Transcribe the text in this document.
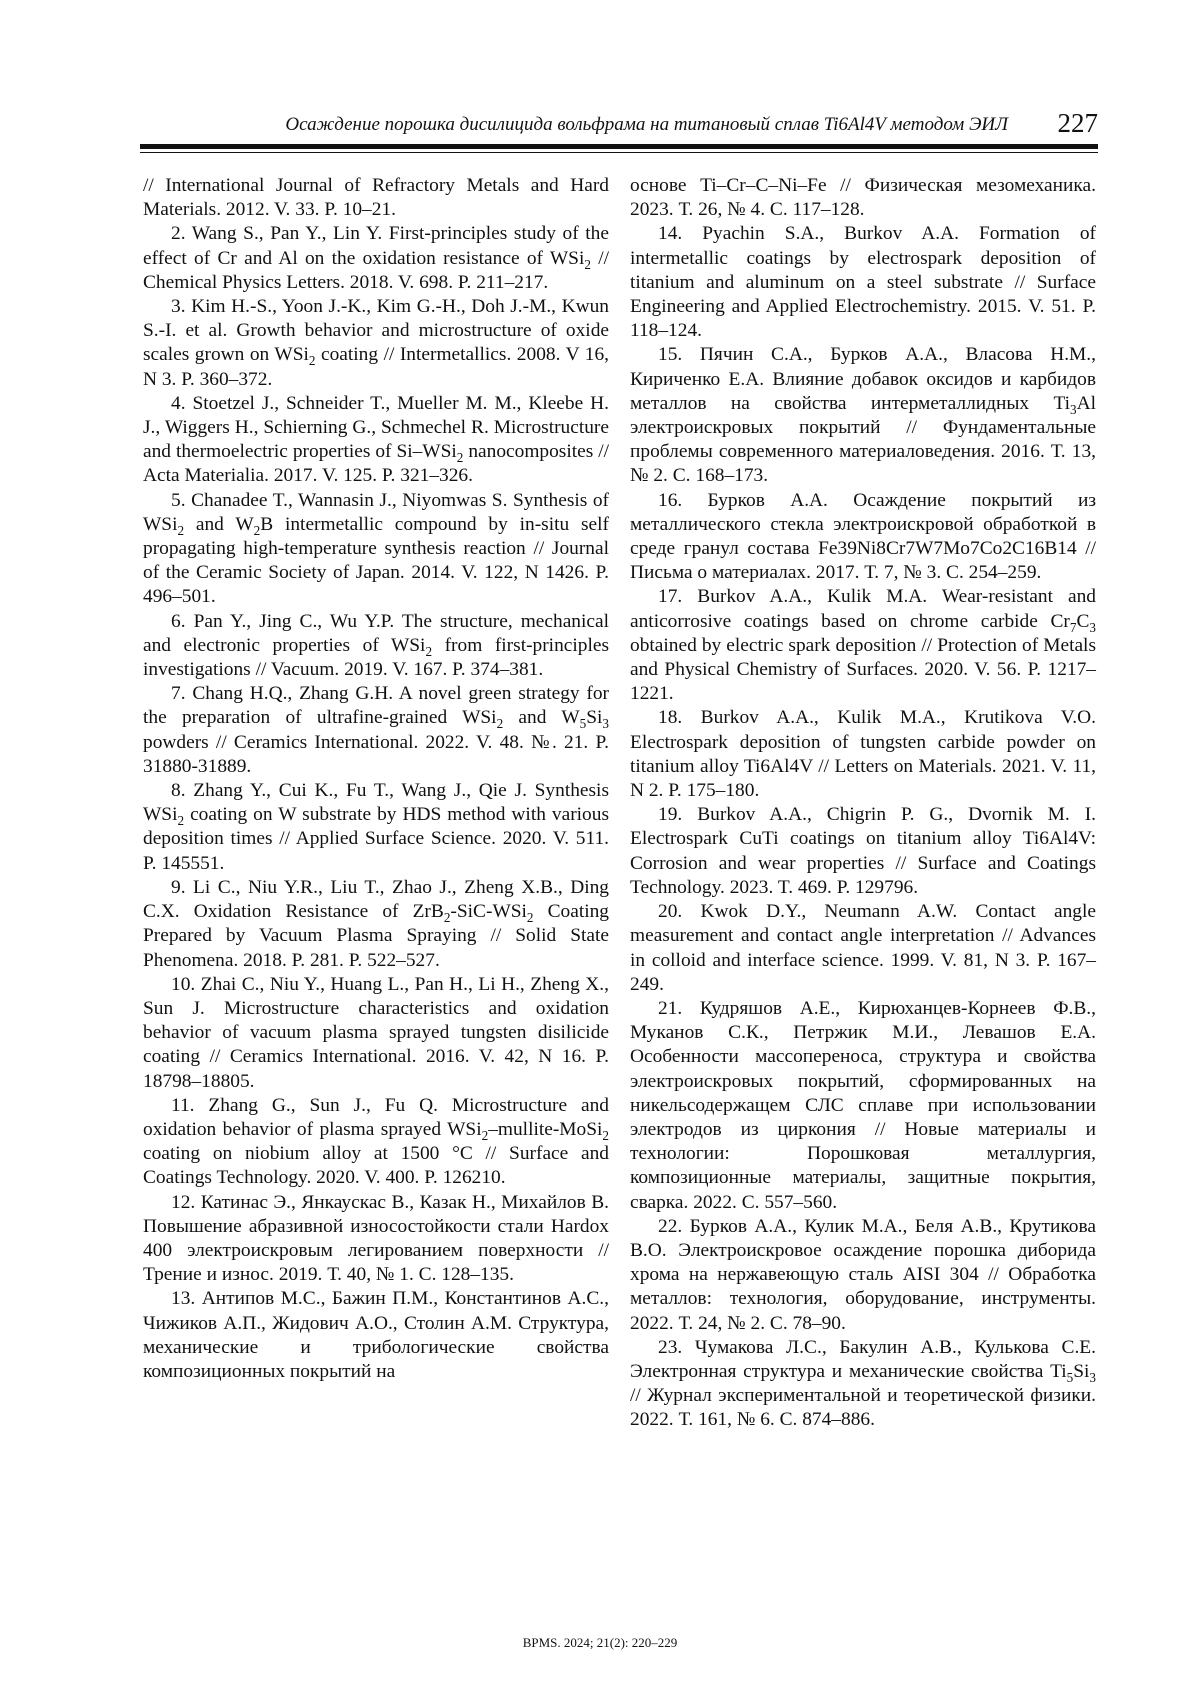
Осаждение порошка дисилицида вольфрама на титановый сплав Ti6Al4V методом ЭИЛ 227

// International Journal of Refractory Metals and Hard Materials. 2012. V. 33. P. 10–21.

2. Wang S., Pan Y., Lin Y. First-principles study of the effect of Cr and Al on the oxidation resistance of WSi$_2$ // Chemical Physics Letters. 2018. V. 698. P. 211–217.

3. Kim H.-S., Yoon J.-K., Kim G.-H., Doh J.-M., Kwun S.-I. et al. Growth behavior and microstructure of oxide scales grown on WSi$_2$ coating // Intermetallics. 2008. V 16, N 3. P. 360–372.

4. Stoetzel J., Schneider T., Mueller M. M., Kleebe H. J., Wiggers H., Schierning G., Schmechel R. Microstructure and thermoelectric properties of Si–WSi$_2$ nanocomposites // Acta Materialia. 2017. V. 125. P. 321–326.

5. Chanadee T., Wannasin J., Niyomwas S. Synthesis of WSi$_2$ and $W_2B$ intermetallic compound by in-situ self propagating high-temperature synthesis reaction // Journal of the Ceramic Society of Japan. 2014. V. 122, N 1426. P. 496–501.

6. Pan Y., Jing C., Wu Y.P. The structure, mechanical and electronic properties of WSi$_2$ from first-principles investigations // Vacuum. 2019. V. 167. P. 374–381.

7. Chang H.Q., Zhang G.H. A novel green strategy for the preparation of ultrafine-grained WSi$_2$ and $W_5Si_3$ powders // Ceramics International. 2022. V. 48. №. 21. P. 31880-31889.

8. Zhang Y., Cui K., Fu T., Wang J., Qie J. Synthesis WSi$_2$ coating on W substrate by HDS method with various deposition times // Applied Surface Science. 2020. V. 511. P. 145551.

9. Li C., Niu Y.R., Liu T., Zhao J., Zheng X.B., Ding C.X. Oxidation Resistance of ZrB$_2$-SiC-WSi$_2$ Coating Prepared by Vacuum Plasma Spraying // Solid State Phenomena. 2018. P. 281. P. 522–527.

10. Zhai C., Niu Y., Huang L., Pan H., Li H., Zheng X., Sun J. Microstructure characteristics and oxidation behavior of vacuum plasma sprayed tungsten disilicide coating // Ceramics International. 2016. V. 42, N 16. P. 18798–18805.

11. Zhang G., Sun J., Fu Q. Microstructure and oxidation behavior of plasma sprayed WSi$_2$–mullite-MoSi$_2$ coating on niobium alloy at 1500 °C // Surface and Coatings Technology. 2020. V. 400. P. 126210.

12. Катинас Э., Янкаускас В., Казак Н., Михайлов В. Повышение абразивной износостойкости стали Hardox 400 электроискровым легированием поверхности // Трение и износ. 2019. Т. 40, № 1. С. 128–135.

13. Антипов М.С., Бажин П.М., Константинов А.С., Чижиков А.П., Жидович А.О., Столин А.М. Структура, механические и трибологические свойства композиционных покрытий на

основе Ti–Cr–C–Ni–Fe // Физическая мезомеханика. 2023. Т. 26, № 4. С. 117–128.

14. Pyachin S.A., Burkov A.A. Formation of intermetallic coatings by electrospark deposition of titanium and aluminum on a steel substrate // Surface Engineering and Applied Electrochemistry. 2015. V. 51. P. 118–124.

15. Пячин С.А., Бурков А.А., Власова Н.М., Кириченко Е.А. Влияние добавок оксидов и карбидов металлов на свойства интерметаллидных $Ti_3Al$ электроискровых покрытий // Фундаментальные проблемы современного материаловедения. 2016. Т. 13, № 2. С. 168–173.

16. Бурков А.А. Осаждение покрытий из металлического стекла электроискровой обработкой в среде гранул состава Fe39Ni8Cr7W7Mo7Co2C16B14 // Письма о материалах. 2017. Т. 7, № 3. С. 254–259.

17. Burkov A.A., Kulik M.A. Wear-resistant and anticorrosive coatings based on chrome carbide $Cr_7C_3$ obtained by electric spark deposition // Protection of Metals and Physical Chemistry of Surfaces. 2020. V. 56. P. 1217–1221.

18. Burkov A.A., Kulik M.A., Krutikova V.O. Electrospark deposition of tungsten carbide powder on titanium alloy Ti6Al4V // Letters on Materials. 2021. V. 11, N 2. P. 175–180.

19. Burkov A.A., Chigrin P. G., Dvornik M. I. Electrospark CuTi coatings on titanium alloy Ti6Al4V: Corrosion and wear properties // Surface and Coatings Technology. 2023. T. 469. P. 129796.

20. Kwok D.Y., Neumann A.W. Contact angle measurement and contact angle interpretation // Advances in colloid and interface science. 1999. V. 81, N 3. P. 167–249.

21. Кудряшов А.Е., Кирюханцев-Корнеев Ф.В., Муканов С.К., Петржик М.И., Левашов Е.А. Особенности массопереноса, структура и свойства электроискровых покрытий, сформированных на никельсодержащем СЛС сплаве при использовании электродов из циркония // Новые материалы и технологии: Порошковая металлургия, композиционные материалы, защитные покрытия, сварка. 2022. С. 557–560.

22. Бурков А.А., Кулик М.А., Беля А.В., Крутикова В.О. Электроискровое осаждение порошка диборида хрома на нержавеющую сталь AISI 304 // Обработка металлов: технология, оборудование, инструменты. 2022. Т. 24, № 2. С. 78–90.

23. Чумакова Л.С., Бакулин А.В., Кулькова С.Е. Электронная структура и механические свойства $Ti_5Si_3$ // Журнал экспериментальной и теоретической физики. 2022. Т. 161, № 6. С. 874–886.

BPMS. 2024; 21(2): 220–229
